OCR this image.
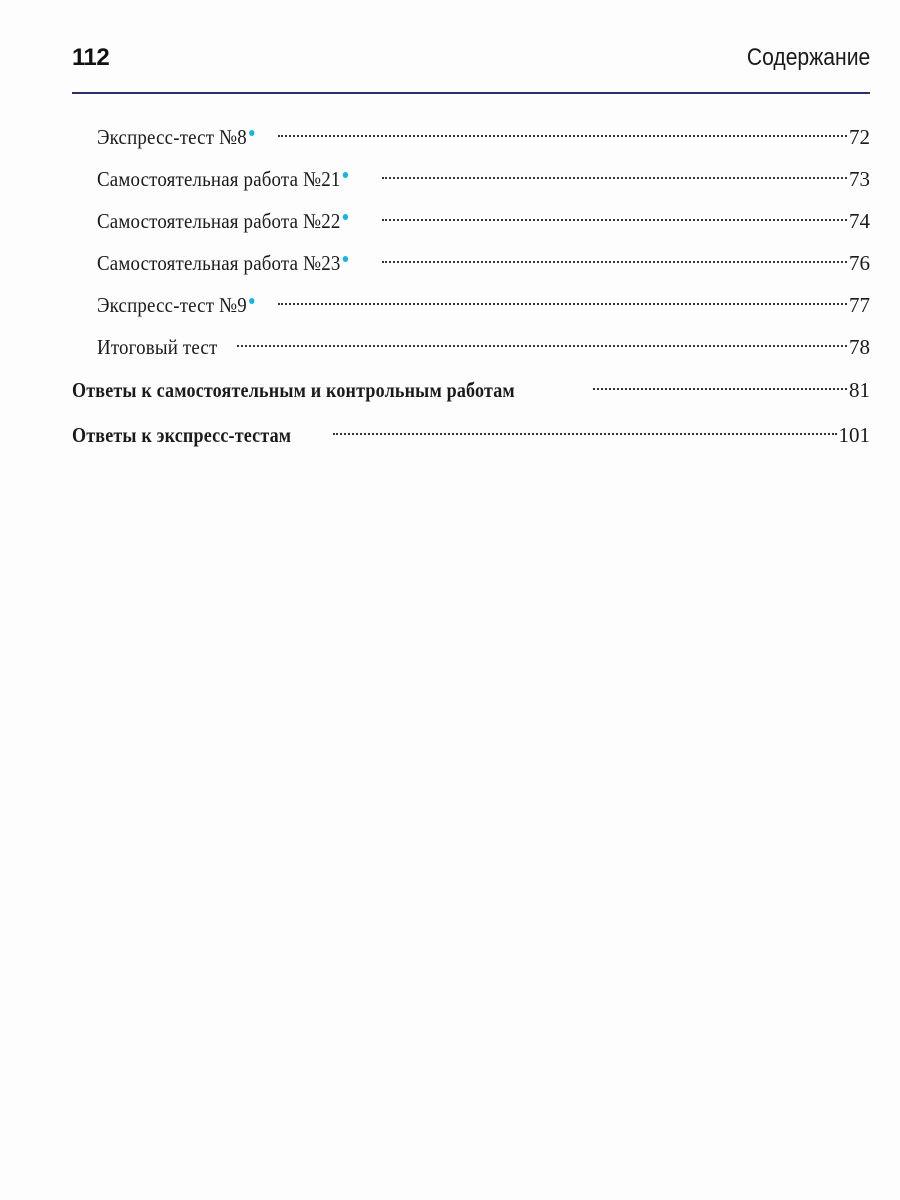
112	Содержание
Экспресс-тест №8	72
Самостоятельная работа №21	73
Самостоятельная работа №22	74
Самостоятельная работа №23	76
Экспресс-тест №9	77
Итоговый тест	78
Ответы к самостоятельным и контрольным работам	81
Ответы к экспресс-тестам	101
